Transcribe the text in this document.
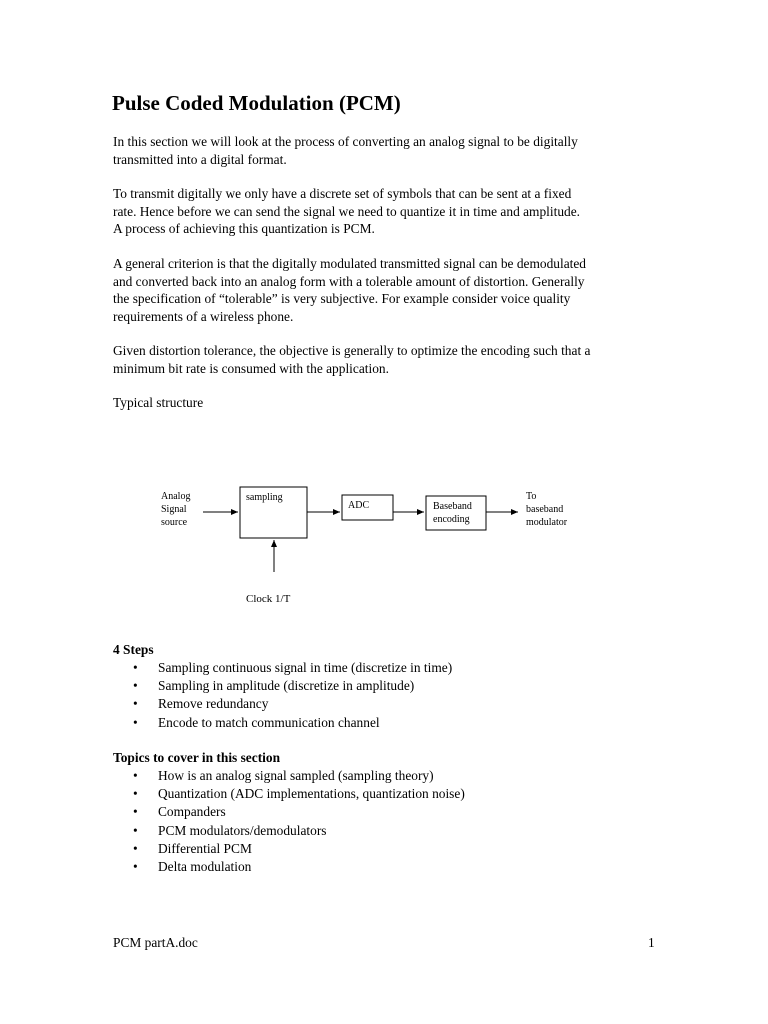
Pulse Coded Modulation (PCM)

In this section we will look at the process of converting an analog signal to be digitally
transmitted into a digital format.

To transmit digitally we only have a discrete set of symbols that can be sent at a fixed
rate. Hence before we can send the signal we need to quantize it in time and amplitude.
A process of achieving this quantization is PCM.

A general criterion is that the digitally modulated transmitted signal can be demodulated
and converted back into an analog form with a tolerable amount of distortion. Generally
the specification of “tolerable” is very subjective. For example consider voice quality
requirements of a wireless phone.

Given distortion tolerance, the objective is generally to optimize the encoding such that a
minimum bit rate is consumed with the application.

Typical structure

Analog
Signal
source
sampling
ADC	Baseband
encoding
To
baseband
modulator
Clock 1/T

4 Steps

• Sampling continuous signal in time (discretize in time)
• Sampling in amplitude (discretize in amplitude)
• Remove redundancy
• Encode to match communication channel

Topics to cover in this section

• How is an analog signal sampled (sampling theory)
• Quantization (ADC implementations, quantization noise)
• Companders
• PCM modulators/demodulators
• Differential PCM
• Delta modulation
PCM partA.doc	1
